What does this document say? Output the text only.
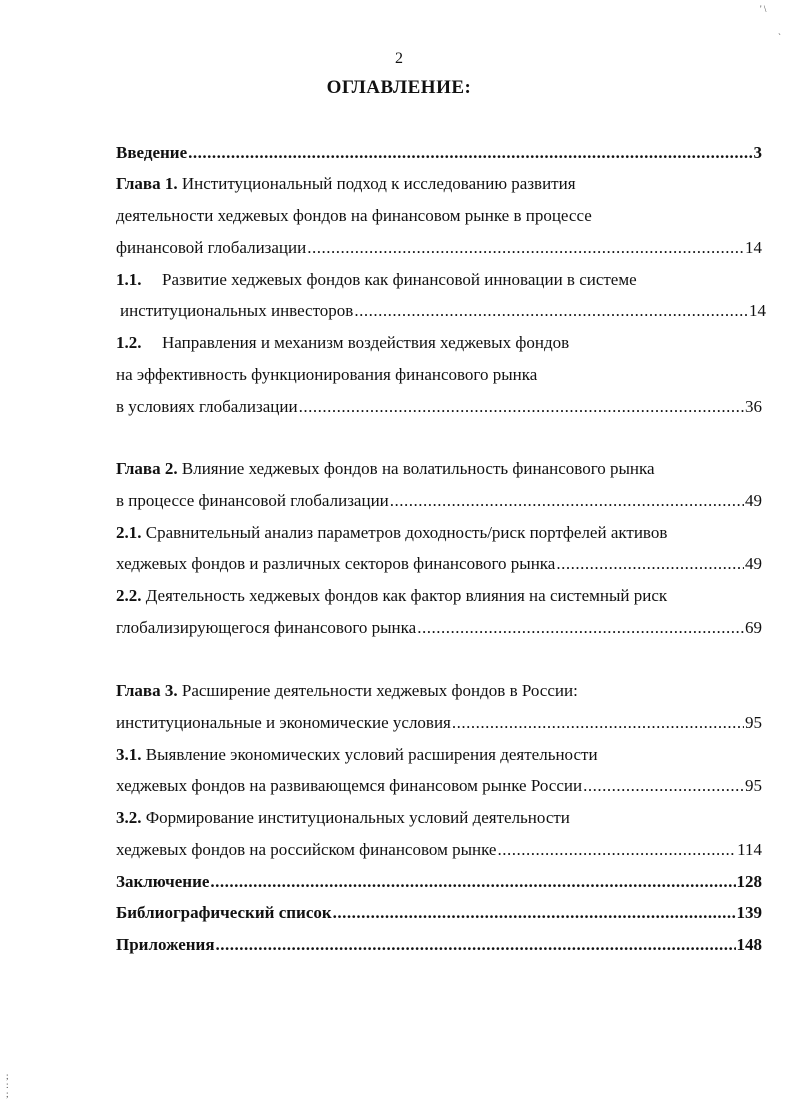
2
ОГЛАВЛЕНИЕ:
Введение .....	3
Глава 1. Институциональный подход к исследованию развития
деятельности хеджевых фондов на финансовом рынке в процессе
финансовой глобализации .....	14
1.1. Развитие хеджевых фондов как финансовой инновации в системе
институциональных инвесторов .....	14
1.2. Направления и механизм воздействия хеджевых фондов
на эффективность функционирования финансового рынка
в условиях глобализации .....	36
Глава 2. Влияние хеджевых фондов на волатильность финансового рынка
в процессе финансовой глобализации .....	49
2.1. Сравнительный анализ параметров доходность/риск портфелей активов
хеджевых фондов и различных секторов финансового рынка .....	49
2.2. Деятельность хеджевых фондов как фактор влияния на системный риск
глобализирующегося финансового рынка .....	69
Глава 3. Расширение деятельности хеджевых фондов в России:
институциональные и экономические условия .....	95
3.1. Выявление экономических условий расширения деятельности
хеджевых фондов на развивающемся финансовом рынке России .....	95
3.2. Формирование институциональных условий деятельности
хеджевых фондов на российском финансовом рынке .....	114
Заключение .....	128
Библиографический список .....	139
Приложения .....	148
' \
`
;
:
;
